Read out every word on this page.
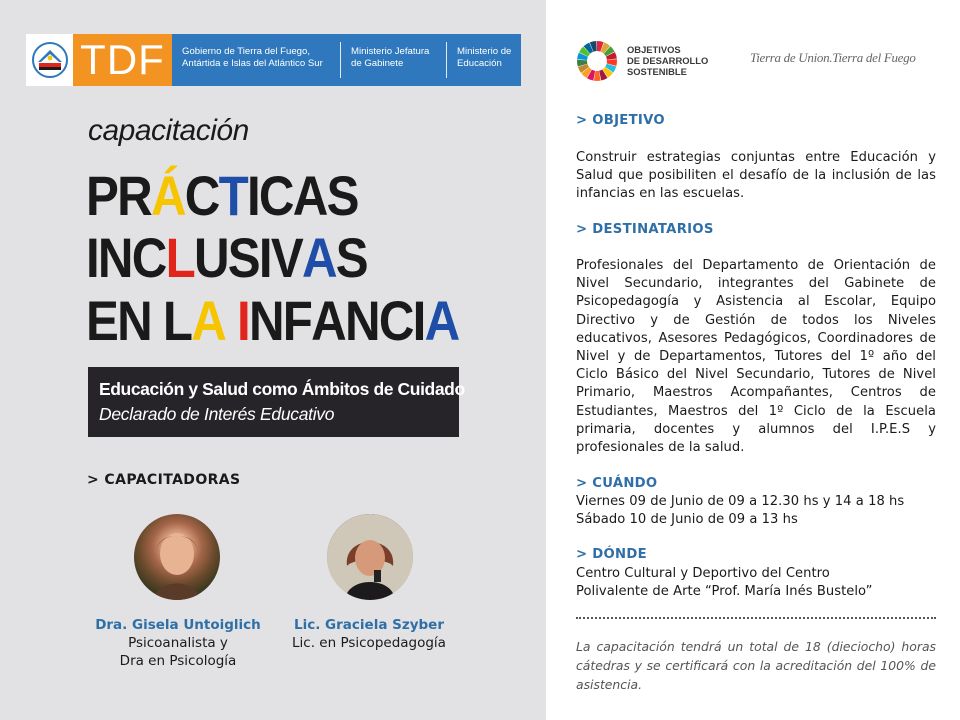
TDF	Gobierno de Tierra del Fuego,
Antártida e Islas del Atlántico Sur
Ministerio Jefatura
de Gabinete
Ministerio de
Educación
capacitación
PRÁCTICAS
INCLUSIVAS
EN LA INFANCIA
Educación y Salud como Ámbitos de Cuidado
Declarado de Interés Educativo
> CAPACITADORAS
Dra. Gisela Untoiglich
Psicoanalista y
Dra en Psicología
Lic. Graciela Szyber
Lic. en Psicopedagogía
OBJETIVOS
DE DESARROLLO
SOSTENIBLE
Tierra de Union.Tierra del Fuego
> OBJETIVO
Construir estrategias conjuntas entre Educación y Salud que posibiliten el desafío de la inclusión de las infancias en las escuelas.
> DESTINATARIOS
Profesionales del Departamento de Orientación de Nivel Secundario, integrantes del Gabinete de Psicopedagogía y Asistencia al Escolar, Equipo Directivo y de Gestión de todos los Niveles educativos, Asesores Pedagógicos, Coordinadores de Nivel y de Departamentos, Tutores del 1º año del Ciclo Básico del Nivel Secundario, Tutores de Nivel Primario, Maestros Acompañantes, Centros de Estudiantes, Maestros del 1º Ciclo de la Escuela primaria, docentes y alumnos del I.P.E.S y profesionales de la salud.
> CUÁNDO
Viernes 09 de Junio de 09 a 12.30 hs y 14 a 18 hs
Sábado 10 de Junio de 09 a 13 hs
> DÓNDE
Centro Cultural y Deportivo del Centro
Polivalente de Arte “Prof. María Inés Bustelo”
La capacitación tendrá un total de 18 (dieciocho) horas cátedras y se certificará con la acreditación del 100% de asistencia.
